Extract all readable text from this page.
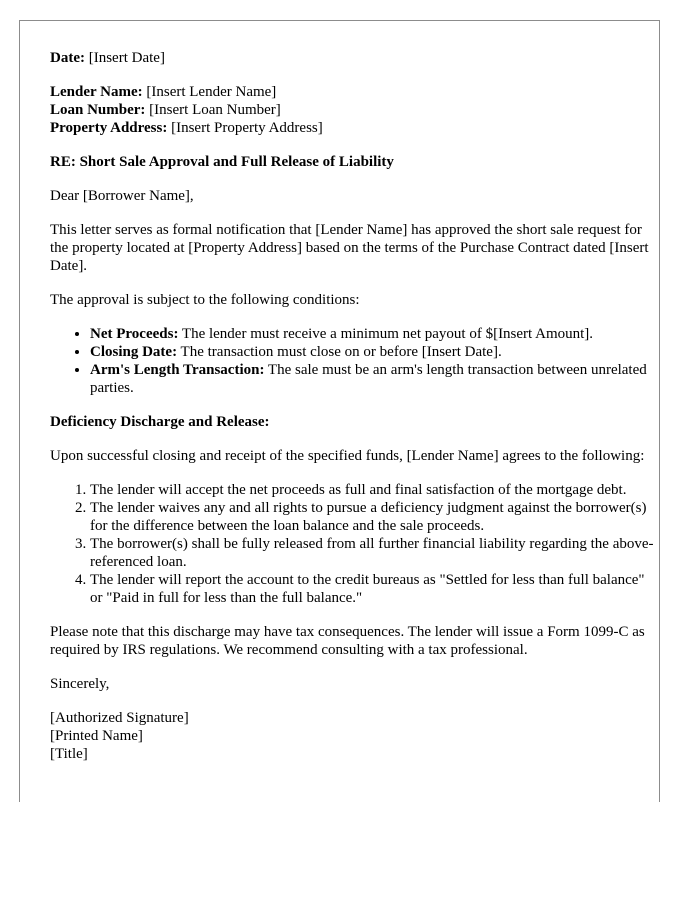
Date: [Insert Date]

Lender Name: [Insert Lender Name]
Loan Number: [Insert Loan Number]
Property Address: [Insert Property Address]

RE: Short Sale Approval and Full Release of Liability

Dear [Borrower Name],

This letter serves as formal notification that [Lender Name] has approved the short sale request for the property located at [Property Address] based on the terms of the Purchase Contract dated [Insert Date].

The approval is subject to the following conditions:

• Net Proceeds: The lender must receive a minimum net payout of $[Insert Amount].
• Closing Date: The transaction must close on or before [Insert Date].
• Arm's Length Transaction: The sale must be an arm's length transaction between unrelated parties.

Deficiency Discharge and Release:

Upon successful closing and receipt of the specified funds, [Lender Name] agrees to the following:

1. The lender will accept the net proceeds as full and final satisfaction of the mortgage debt.
2. The lender waives any and all rights to pursue a deficiency judgment against the borrower(s) for the difference between the loan balance and the sale proceeds.
3. The borrower(s) shall be fully released from all further financial liability regarding the above-referenced loan.
4. The lender will report the account to the credit bureaus as "Settled for less than full balance" or "Paid in full for less than the full balance."

Please note that this discharge may have tax consequences. The lender will issue a Form 1099-C as required by IRS regulations. We recommend consulting with a tax professional.

Sincerely,

[Authorized Signature]
[Printed Name]
[Title]
